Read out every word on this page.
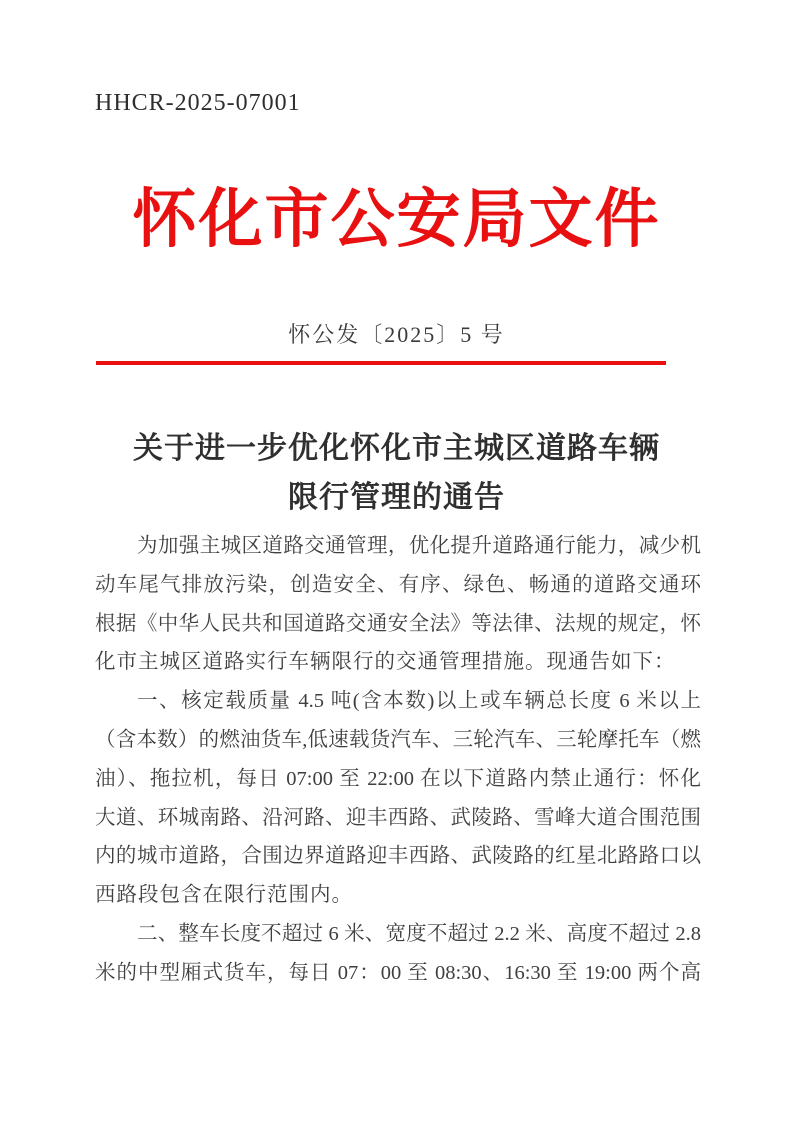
HHCR-2025-07001
怀化市公安局文件
怀公发〔2025〕5 号
关于进一步优化怀化市主城区道路车辆
限行管理的通告
为加强主城区道路交通管理，优化提升道路通行能力，减少机
动车尾气排放污染，创造安全、有序、绿色、畅通的道路交通环
根据《中华人民共和国道路交通安全法》等法律、法规的规定，怀
化市主城区道路实行车辆限行的交通管理措施。现通告如下：
一、核定载质量 4.5 吨(含本数)以上或车辆总长度 6 米以上
（含本数）的燃油货车,低速载货汽车、三轮汽车、三轮摩托车（燃
油）、拖拉机，每日 07:00 至 22:00 在以下道路内禁止通行：怀化
大道、环城南路、沿河路、迎丰西路、武陵路、雪峰大道合围范围
内的城市道路，合围边界道路迎丰西路、武陵路的红星北路路口以
西路段包含在限行范围内。
二、整车长度不超过 6 米、宽度不超过 2.2 米、高度不超过 2.8
米的中型厢式货车，每日 07：00 至 08:30、16:30 至 19:00 两个高
